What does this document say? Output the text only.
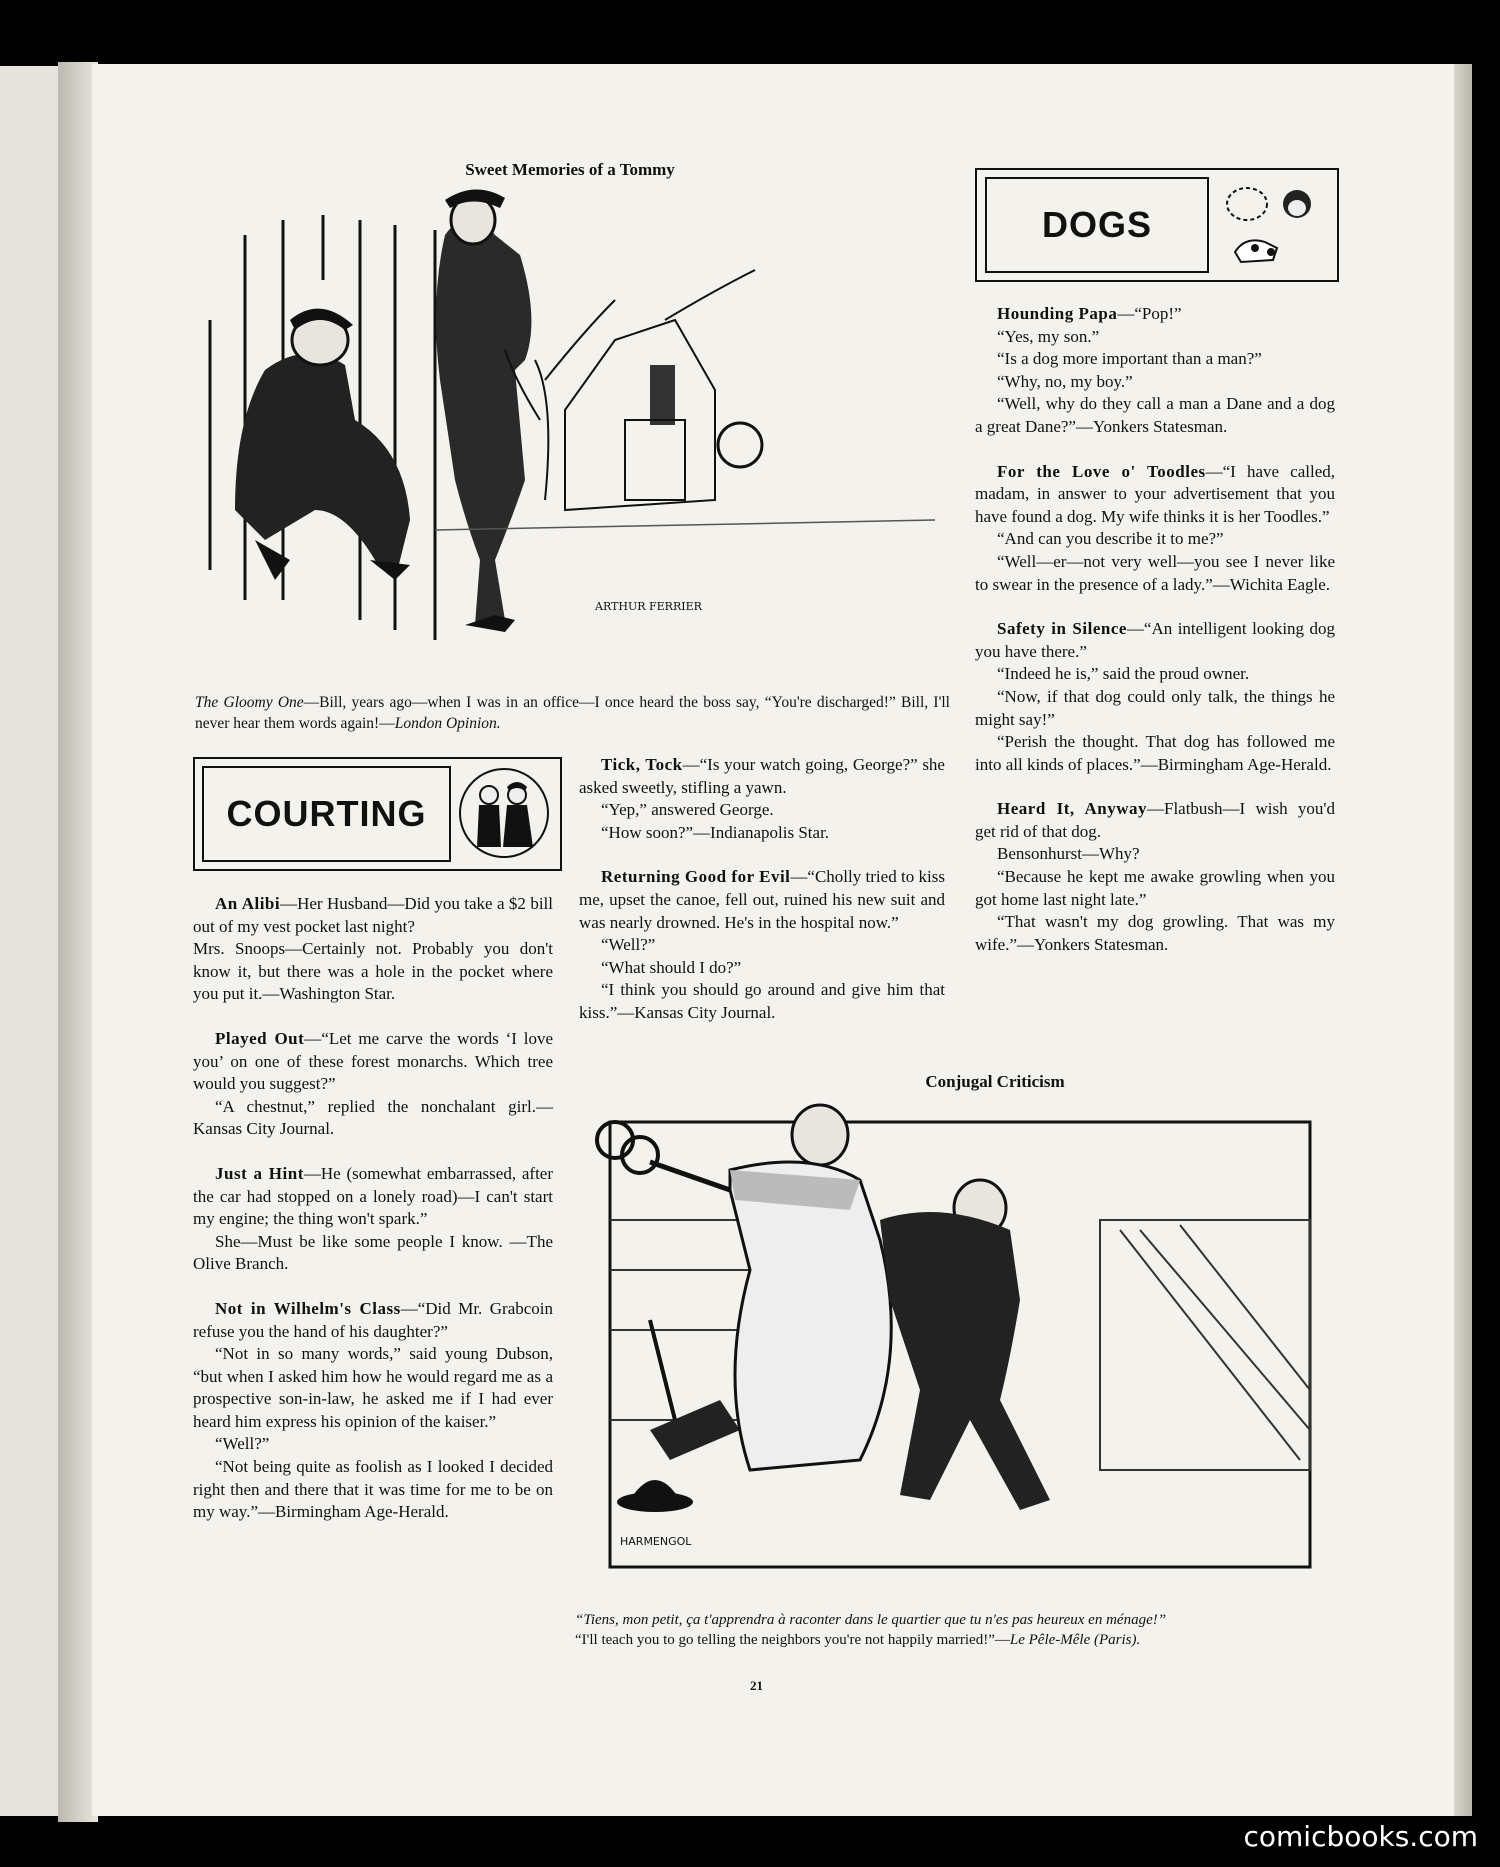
Sweet Memories of a Tommy
ARTHUR FERRIER
The Gloomy One—Bill, years ago—when I was in an office—I once heard the boss say, “You're discharged!” Bill, I'll never hear them words again!—London Opinion.
DOGS

Hounding Papa—“Pop!”

“Yes, my son.”

“Is a dog more important than a man?”

“Why, no, my boy.”

“Well, why do they call a man a Dane and a dog a great Dane?”—Yonkers Statesman.

For the Love o' Toodles—“I have called, madam, in answer to your advertisement that you have found a dog. My wife thinks it is her Toodles.”

“And can you describe it to me?”

“Well—er—not very well—you see I never like to swear in the presence of a lady.”—Wichita Eagle.

Safety in Silence—“An intelligent looking dog you have there.”

“Indeed he is,” said the proud owner.

“Now, if that dog could only talk, the things he might say!”

“Perish the thought. That dog has followed me into all kinds of places.”—Birmingham Age-Herald.

Heard It, Anyway—Flatbush—I wish you'd get rid of that dog.

Bensonhurst—Why?

“Because he kept me awake growling when you got home last night late.”

“That wasn't my dog growling. That was my wife.”—Yonkers Statesman.

COURTING

An Alibi—Her Husband—Did you take a $2 bill out of my vest pocket last night?

Mrs. Snoops—Certainly not. Probably you don't know it, but there was a hole in the pocket where you put it.—Washington Star.

Played Out—“Let me carve the words ‘I love you’ on one of these forest monarchs. Which tree would you suggest?”

“A chestnut,” replied the nonchalant girl.—Kansas City Journal.

Just a Hint—He (somewhat embarrassed, after the car had stopped on a lonely road)—I can't start my engine; the thing won't spark.”

She—Must be like some people I know. —The Olive Branch.

Not in Wilhelm's Class—“Did Mr. Grabcoin refuse you the hand of his daughter?”

“Not in so many words,” said young Dubson, “but when I asked him how he would regard me as a prospective son-in-law, he asked me if I had ever heard him express his opinion of the kaiser.”

“Well?”

“Not being quite as foolish as I looked I decided right then and there that it was time for me to be on my way.”—Birmingham Age-Herald.

Tick, Tock—“Is your watch going, George?” she asked sweetly, stifling a yawn.

“Yep,” answered George.

“How soon?”—Indianapolis Star.

Returning Good for Evil—“Cholly tried to kiss me, upset the canoe, fell out, ruined his new suit and was nearly drowned. He's in the hospital now.”

“Well?”

“What should I do?”

“I think you should go around and give him that kiss.”—Kansas City Journal.

Conjugal Criticism
HARMENGOL
“Tiens, mon petit, ça t'apprendra à raconter dans le quartier que tu n'es pas heureux en ménage!”
“I'll teach you to go telling the neighbors you're not happily married!”—Le Pêle-Mêle (Paris).
21
comicbooks.com
